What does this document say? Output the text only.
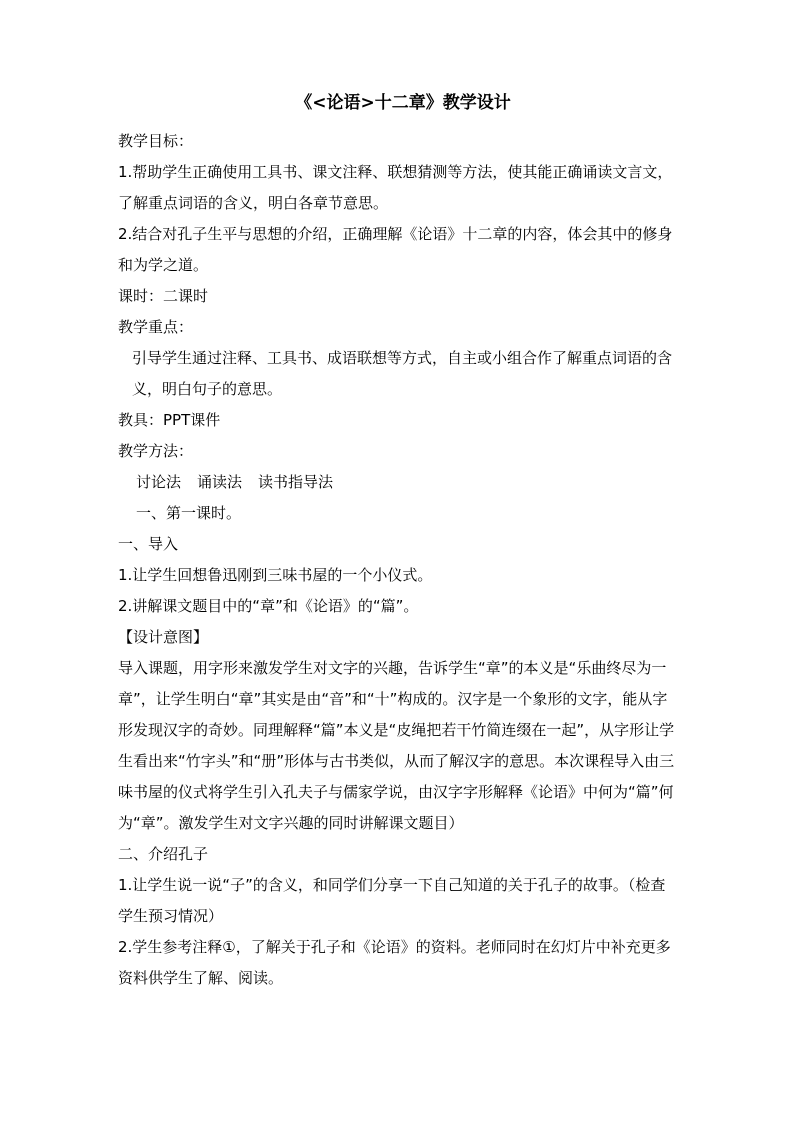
《<论语>十二章》教学设计

教学目标：

1.帮助学生正确使用工具书、课文注释、联想猜测等方法，使其能正确诵读文言文，了解重点词语的含义，明白各章节意思。

2.结合对孔子生平与思想的介绍，正确理解《论语》十二章的内容，体会其中的修身和为学之道。

课时：二课时

教学重点：

引导学生通过注释、工具书、成语联想等方式，自主或小组合作了解重点词语的含义，明白句子的意思。

教具：PPT课件

教学方法：

讨论法 诵读法 读书指导法

一、第一课时。

一、导入

1.让学生回想鲁迅刚到三味书屋的一个小仪式。

2.讲解课文题目中的“章”和《论语》的“篇”。

【设计意图】

导入课题，用字形来激发学生对文字的兴趣，告诉学生“章”的本义是“乐曲终尽为一章”，让学生明白“章”其实是由“音”和“十”构成的。汉字是一个象形的文字，能从字形发现汉字的奇妙。同理解释“篇”本义是“皮绳把若干竹简连缀在一起”，从字形让学生看出来“竹字头”和“册”形体与古书类似，从而了解汉字的意思。本次课程导入由三味书屋的仪式将学生引入孔夫子与儒家学说，由汉字字形解释《论语》中何为“篇”何为“章”。激发学生对文字兴趣的同时讲解课文题目）

二、介绍孔子

1.让学生说一说“子”的含义，和同学们分享一下自己知道的关于孔子的故事。（检查学生预习情况）

2.学生参考注释①，了解关于孔子和《论语》的资料。老师同时在幻灯片中补充更多资料供学生了解、阅读。
